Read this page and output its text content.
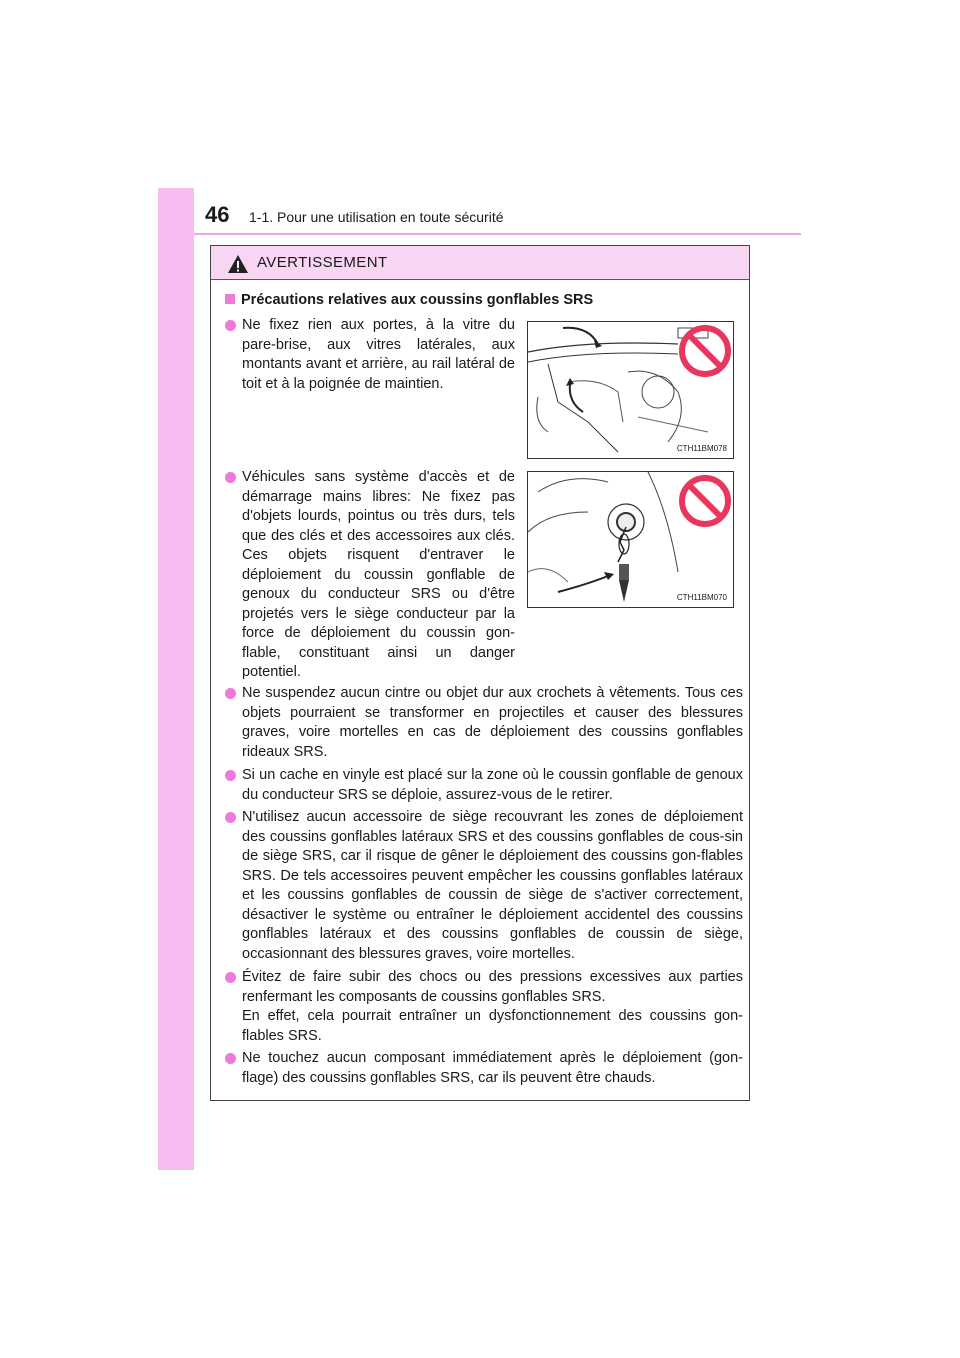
46 1-1. Pour une utilisation en toute sécurité
AVERTISSEMENT
Précautions relatives aux coussins gonflables SRS

Ne fixez rien aux portes, à la vitre du pare-brise, aux vitres latérales, aux montants avant et arrière, au rail latéral de toit et à la poignée de maintien.

CTH11BM078

Véhicules sans système d'accès et de démarrage mains libres: Ne fixez pas d'objets lourds, pointus ou très durs, tels que des clés et des accessoires aux clés. Ces objets risquent d'entraver le déploiement du coussin gonflable de genoux du conducteur SRS ou d'être projetés vers le siège conducteur par la force de déploiement du coussin gon-flable, constituant ainsi un danger potentiel.

CTH11BM070

Ne suspendez aucun cintre ou objet dur aux crochets à vêtements. Tous ces objets pourraient se transformer en projectiles et causer des blessures graves, voire mortelles en cas de déploiement des coussins gonflables rideaux SRS.

Si un cache en vinyle est placé sur la zone où le coussin gonflable de genoux du conducteur SRS se déploie, assurez-vous de le retirer.

N'utilisez aucun accessoire de siège recouvrant les zones de déploiement des coussins gonflables latéraux SRS et des coussins gonflables de cous-sin de siège SRS, car il risque de gêner le déploiement des coussins gon-flables SRS. De tels accessoires peuvent empêcher les coussins gonflables latéraux et les coussins gonflables de coussin de siège de s'activer correctement, désactiver le système ou entraîner le déploiement accidentel des coussins gonflables latéraux et des coussins gonflables de coussin de siège, occasionnant des blessures graves, voire mortelles.

Évitez de faire subir des chocs ou des pressions excessives aux parties renfermant les composants de coussins gonflables SRS.

En effet, cela pourrait entraîner un dysfonctionnement des coussins gon-flables SRS.

Ne touchez aucun composant immédiatement après le déploiement (gon-flage) des coussins gonflables SRS, car ils peuvent être chauds.
